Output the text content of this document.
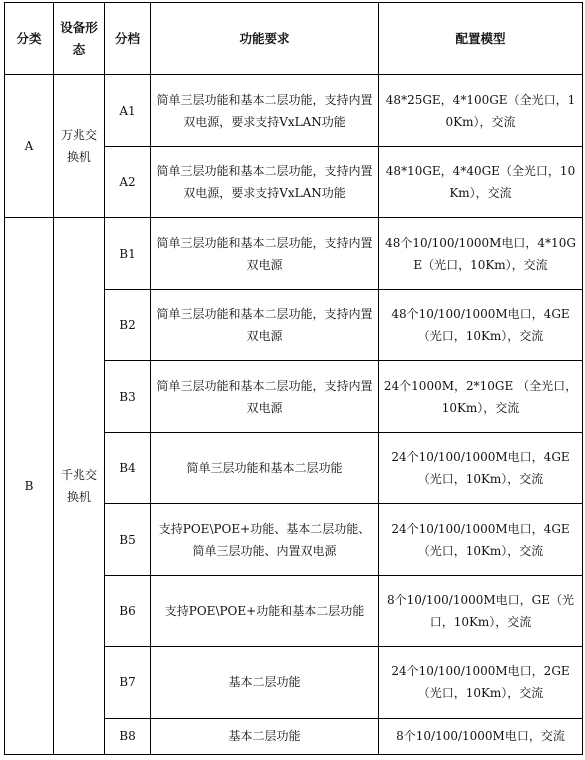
分类	设备形态	分档	功能要求	配置模型
A	万兆交换机	A1	简单三层功能和基本二层功能，支持内置双电源，要求支持VxLAN功能	48*25GE，4*100GE（全光口，10Km），交流
		A2	简单三层功能和基本二层功能，支持内置双电源，要求支持VxLAN功能	48*10GE，4*40GE（全光口，10Km），交流
B	千兆交换机	B1	简单三层功能和基本二层功能，支持内置双电源	48个10/100/1000M电口，4*10GE（光口，10Km），交流
		B2	简单三层功能和基本二层功能，支持内置双电源	48个10/100/1000M电口，4GE（光口，10Km），交流
		B3	简单三层功能和基本二层功能，支持内置双电源	24个1000M，2*10GE （全光口，10Km），交流
		B4	简单三层功能和基本二层功能	24个10/100/1000M电口，4GE（光口，10Km），交流
		B5	支持POE\POE+功能、基本二层功能、简单三层功能、内置双电源	24个10/100/1000M电口，4GE（光口，10Km），交流
		B6	支持POE\POE+功能和基本二层功能	8个10/100/1000M电口，GE（光口，10Km），交流
		B7	基本二层功能	24个10/100/1000M电口，2GE（光口，10Km），交流
		B8	基本二层功能	8个10/100/1000M电口，交流
